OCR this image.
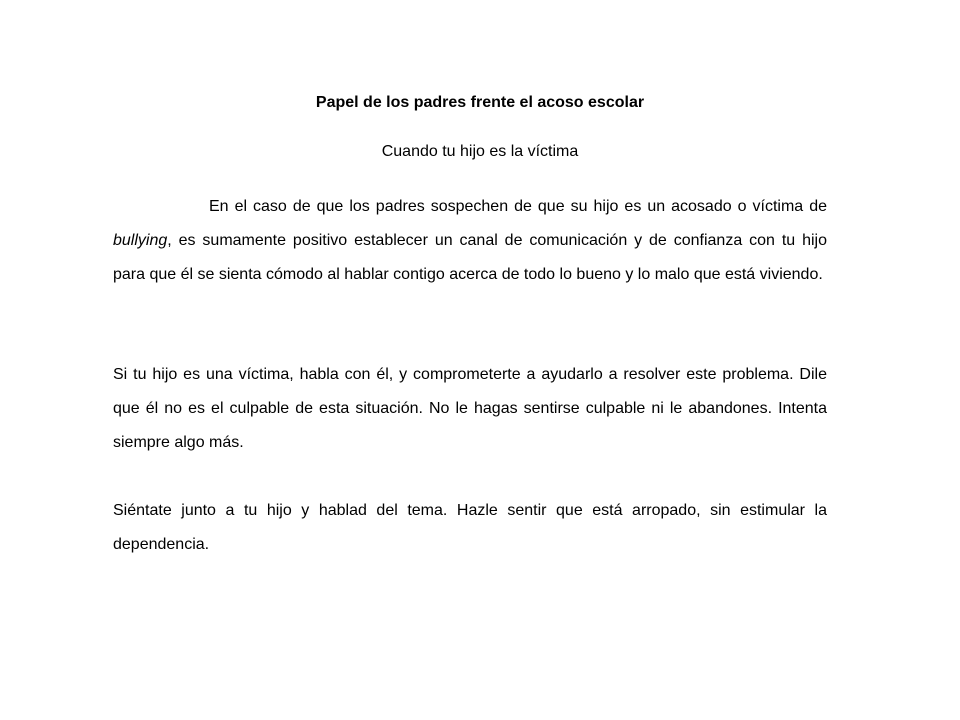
Papel de los padres frente el acoso escolar
Cuando tu hijo es la víctima

En el caso de que los padres sospechen de que su hijo es un acosado o víctima de bullying, es sumamente positivo establecer un canal de comunicación y de confianza con tu hijo para que él se sienta cómodo al hablar contigo acerca de todo lo bueno y lo malo que está viviendo.

Si tu hijo es una víctima, habla con él, y comprometerte a ayudarlo a resolver este problema. Dile que él no es el culpable de esta situación. No le hagas sentirse culpable ni le abandones. Intenta siempre algo más.

Siéntate junto a tu hijo y hablad del tema. Hazle sentir que está arropado, sin estimular la dependencia.
